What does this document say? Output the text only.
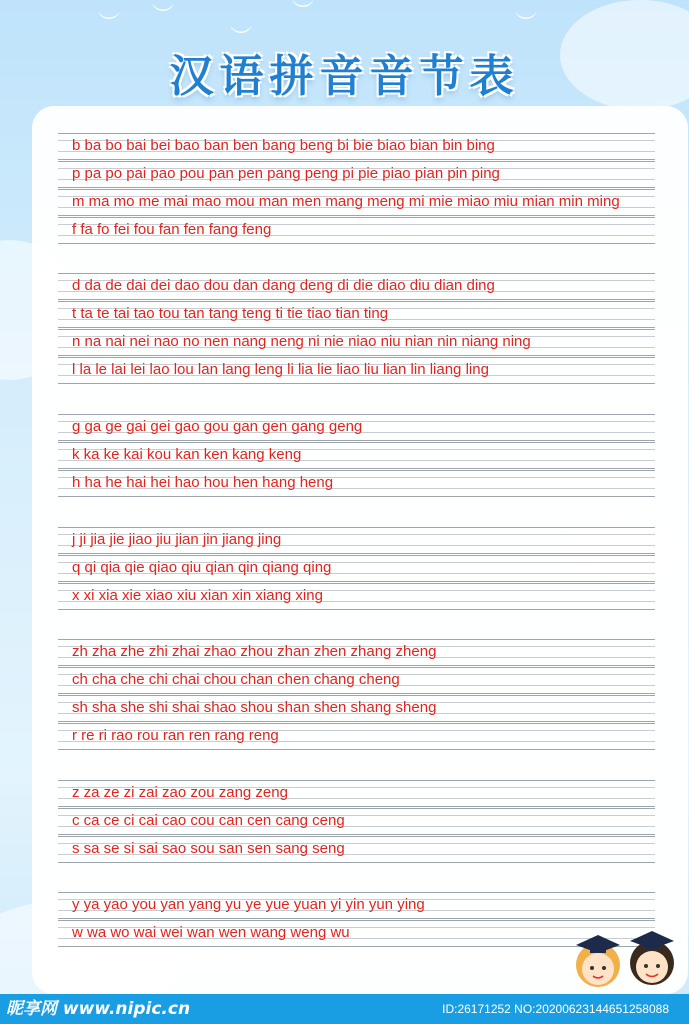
︶ ︶
︶
︶	︶
汉语拼音音节表
b ba bo bai bei bao ban ben bang beng bi bie biao bian bin bing
p pa po pai pao pou pan pen pang peng pi pie piao pian pin ping
m ma mo me mai mao mou man men mang meng mi mie miao miu mian min ming
f fa fo fei fou fan fen fang feng
d da de dai dei dao dou dan dang deng di die diao diu dian ding
t ta te tai tao tou tan tang teng ti tie tiao tian ting
n na nai nei nao no nen nang neng ni nie niao niu nian nin niang ning
l la le lai lei lao lou lan lang leng li lia lie liao liu lian lin liang ling
g ga ge gai gei gao gou gan gen gang geng
k ka ke kai kou kan ken kang keng
h ha he hai hei hao hou hen hang heng
j ji jia jie jiao jiu jian jin jiang jing
q qi qia qie qiao qiu qian qin qiang qing
x xi xia xie xiao xiu xian xin xiang xing
zh zha zhe zhi zhai zhao zhou zhan zhen zhang zheng
ch cha che chi chai chou chan chen chang cheng
sh sha she shi shai shao shou shan shen shang sheng
r re ri rao rou ran ren rang reng
z za ze zi zai zao zou zang zeng
c ca ce ci cai cao cou can cen cang ceng
s sa se si sai sao sou san sen sang seng
y ya yao you yan yang yu ye yue yuan yi yin yun ying
w wa wo wai wei wan wen wang weng wu
昵享网 www.nipic.cn	ID:26171252 NO:20200623144651258088
